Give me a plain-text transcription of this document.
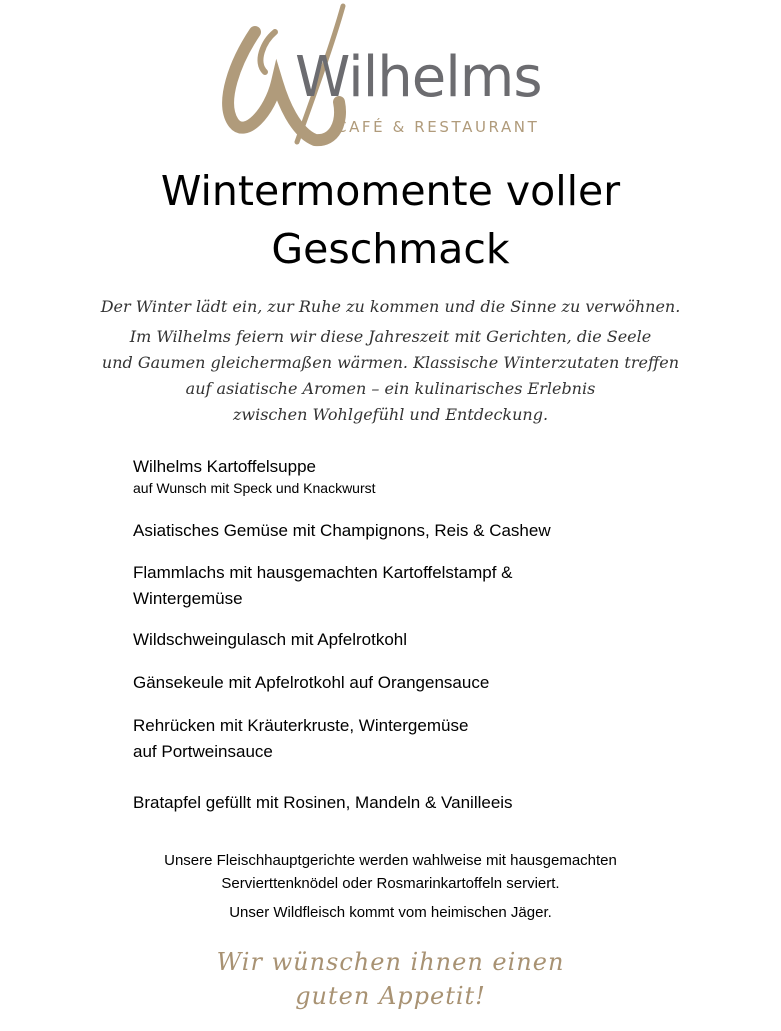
Wilhelms
CAFÉ & RESTAURANT
Wintermomente voller
Geschmack

Der Winter lädt ein, zur Ruhe zu kommen und die Sinne zu verwöhnen.

Im Wilhelms feiern wir diese Jahreszeit mit Gerichten, die Seele
und Gaumen gleichermaßen wärmen. Klassische Winterzutaten treffen
auf asiatische Aromen – ein kulinarisches Erlebnis
zwischen Wohlgefühl und Entdeckung.

Wilhelms Kartoffelsuppe
auf Wunsch mit Speck und Knackwurst
Asiatisches Gemüse mit Champignons, Reis & Cashew
Flammlachs mit hausgemachten Kartoffelstampf &
Wintergemüse
Wildschweingulasch mit Apfelrotkohl
Gänsekeule mit Apfelrotkohl auf Orangensauce
Rehrücken mit Kräuterkruste, Wintergemüse
auf Portweinsauce
Bratapfel gefüllt mit Rosinen, Mandeln & Vanilleeis
Unsere Fleischhauptgerichte werden wahlweise mit hausgemachten
Servierttenknödel oder Rosmarinkartoffeln serviert.
Unser Wildfleisch kommt vom heimischen Jäger.
Wir wünschen ihnen einen
guten Appetit!
